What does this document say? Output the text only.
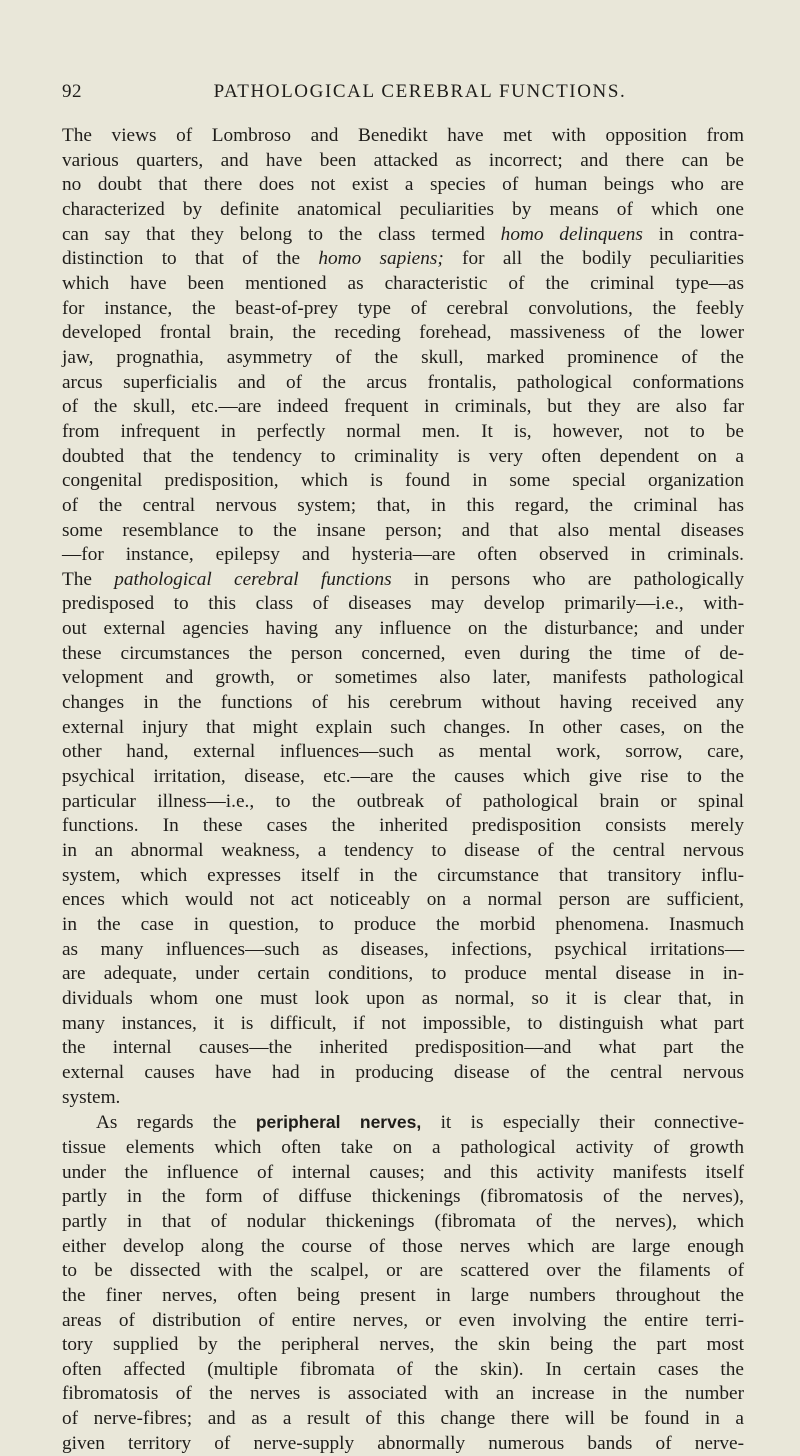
92	PATHOLOGICAL CEREBRAL FUNCTIONS.
The views of Lombroso and Benedikt have met with opposition from
various quarters, and have been attacked as incorrect; and there can be
no doubt that there does not exist a species of human beings who are
characterized by definite anatomical peculiarities by means of which one
can say that they belong to the class termed homo delinquens in contra-
distinction to that of the homo sapiens; for all the bodily peculiarities
which have been mentioned as characteristic of the criminal type—as
for instance, the beast-of-prey type of cerebral convolutions, the feebly
developed frontal brain, the receding forehead, massiveness of the lower
jaw, prognathia, asymmetry of the skull, marked prominence of the
arcus superficialis and of the arcus frontalis, pathological conformations
of the skull, etc.—are indeed frequent in criminals, but they are also far
from infrequent in perfectly normal men. It is, however, not to be
doubted that the tendency to criminality is very often dependent on a
congenital predisposition, which is found in some special organization
of the central nervous system; that, in this regard, the criminal has
some resemblance to the insane person; and that also mental diseases
—for instance, epilepsy and hysteria—are often observed in criminals.
The pathological cerebral functions in persons who are pathologically
predisposed to this class of diseases may develop primarily—i.e., with-
out external agencies having any influence on the disturbance; and under
these circumstances the person concerned, even during the time of de-
velopment and growth, or sometimes also later, manifests pathological
changes in the functions of his cerebrum without having received any
external injury that might explain such changes. In other cases, on the
other hand, external influences—such as mental work, sorrow, care,
psychical irritation, disease, etc.—are the causes which give rise to the
particular illness—i.e., to the outbreak of pathological brain or spinal
functions. In these cases the inherited predisposition consists merely
in an abnormal weakness, a tendency to disease of the central nervous
system, which expresses itself in the circumstance that transitory influ-
ences which would not act noticeably on a normal person are sufficient,
in the case in question, to produce the morbid phenomena. Inasmuch
as many influences—such as diseases, infections, psychical irritations—
are adequate, under certain conditions, to produce mental disease in in-
dividuals whom one must look upon as normal, so it is clear that, in
many instances, it is difficult, if not impossible, to distinguish what part
the internal causes—the inherited predisposition—and what part the
external causes have had in producing disease of the central nervous
system.
As regards the peripheral nerves, it is especially their connective-
tissue elements which often take on a pathological activity of growth
under the influence of internal causes; and this activity manifests itself
partly in the form of diffuse thickenings (fibromatosis of the nerves),
partly in that of nodular thickenings (fibromata of the nerves), which
either develop along the course of those nerves which are large enough
to be dissected with the scalpel, or are scattered over the filaments of
the finer nerves, often being present in large numbers throughout the
areas of distribution of entire nerves, or even involving the entire terri-
tory supplied by the peripheral nerves, the skin being the part most
often affected (multiple fibromata of the skin). In certain cases the
fibromatosis of the nerves is associated with an increase in the number
of nerve-fibres; and as a result of this change there will be found in a
given territory of nerve-supply abnormally numerous bands of nerve-
